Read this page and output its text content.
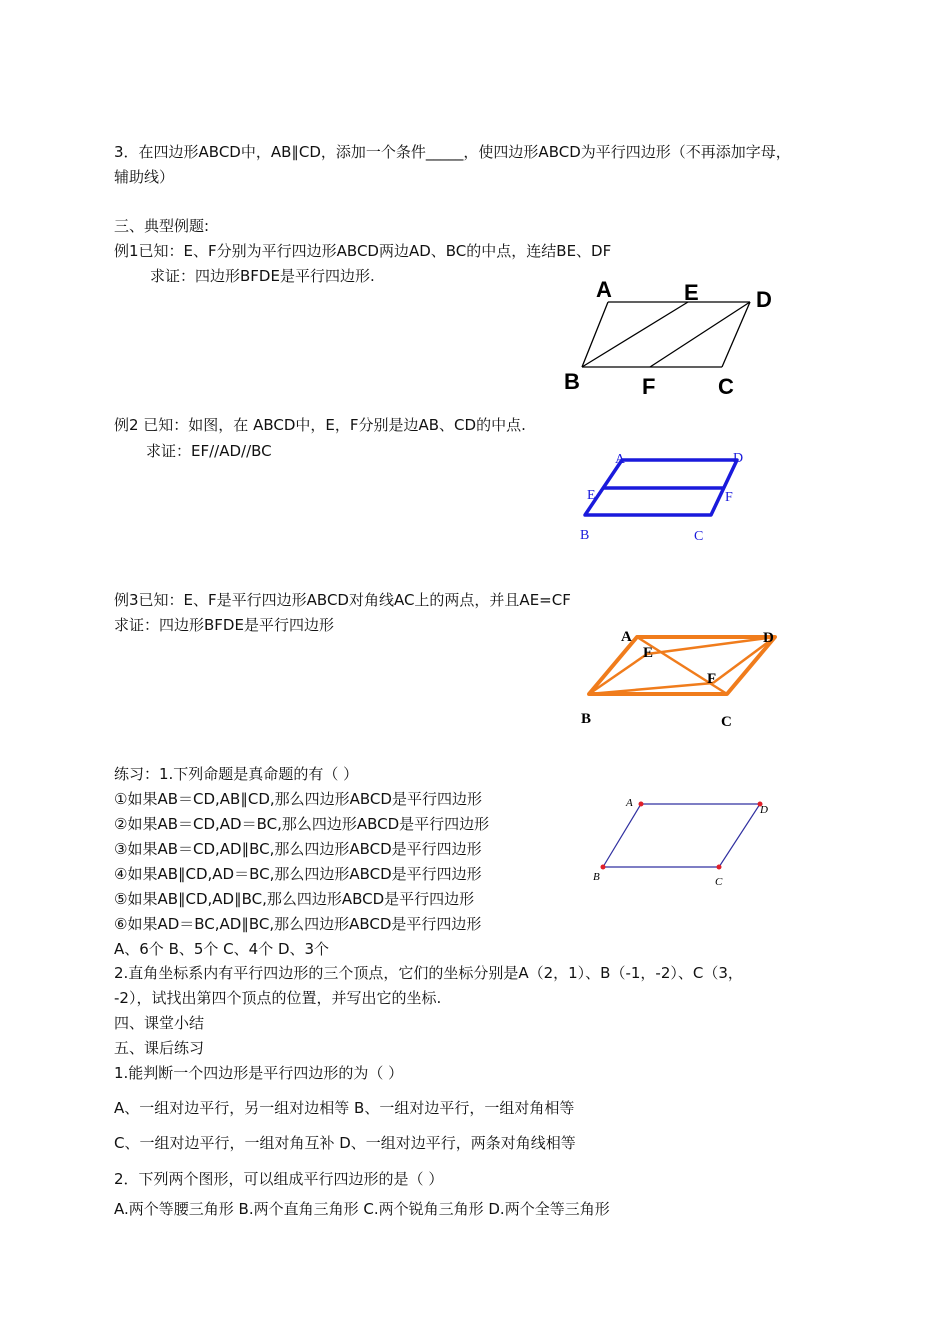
3．在四边形ABCD中，AB∥CD，添加一个条件_____，使四边形ABCD为平行四边形（不再添加字母，
辅助线）
三、典型例题:
例1已知：E、F分别为平行四边形ABCD两边AD、BC的中点，连结BE、DF
求证：四边形BFDE是平行四边形.
A	E	D
B	F	C
例2 已知：如图，在 ABCD中，E，F分别是边AB、CD的中点.
求证：EF//AD//BC	A	D
E	F
B	C
例3已知：E、F是平行四边形ABCD对角线AC上的两点，并且AE=CF
求证：四边形BFDE是平行四边形
A	D
E
F
B	C
练习：1.下列命题是真命题的有（ ）
①如果AB＝CD,AB∥CD,那么四边形ABCD是平行四边形
②如果AB＝CD,AD＝BC,那么四边形ABCD是平行四边形
③如果AB＝CD,AD∥BC,那么四边形ABCD是平行四边形
④如果AB∥CD,AD＝BC,那么四边形ABCD是平行四边形
⑤如果AB∥CD,AD∥BC,那么四边形ABCD是平行四边形
⑥如果AD＝BC,AD∥BC,那么四边形ABCD是平行四边形
A、6个 B、5个 C、4个 D、3个
2.直角坐标系内有平行四边形的三个顶点，它们的坐标分别是A（2，1）、B（-1，-2）、C（3，
-2），试找出第四个顶点的位置，并写出它的坐标.
A
D
B	C
四、课堂小结
五、课后练习
1.能判断一个四边形是平行四边形的为（ ）
A、一组对边平行，另一组对边相等 B、一组对边平行，一组对角相等
C、一组对边平行，一组对角互补 D、一组对边平行，两条对角线相等
2．下列两个图形，可以组成平行四边形的是（ ）
A.两个等腰三角形 B.两个直角三角形 C.两个锐角三角形 D.两个全等三角形
